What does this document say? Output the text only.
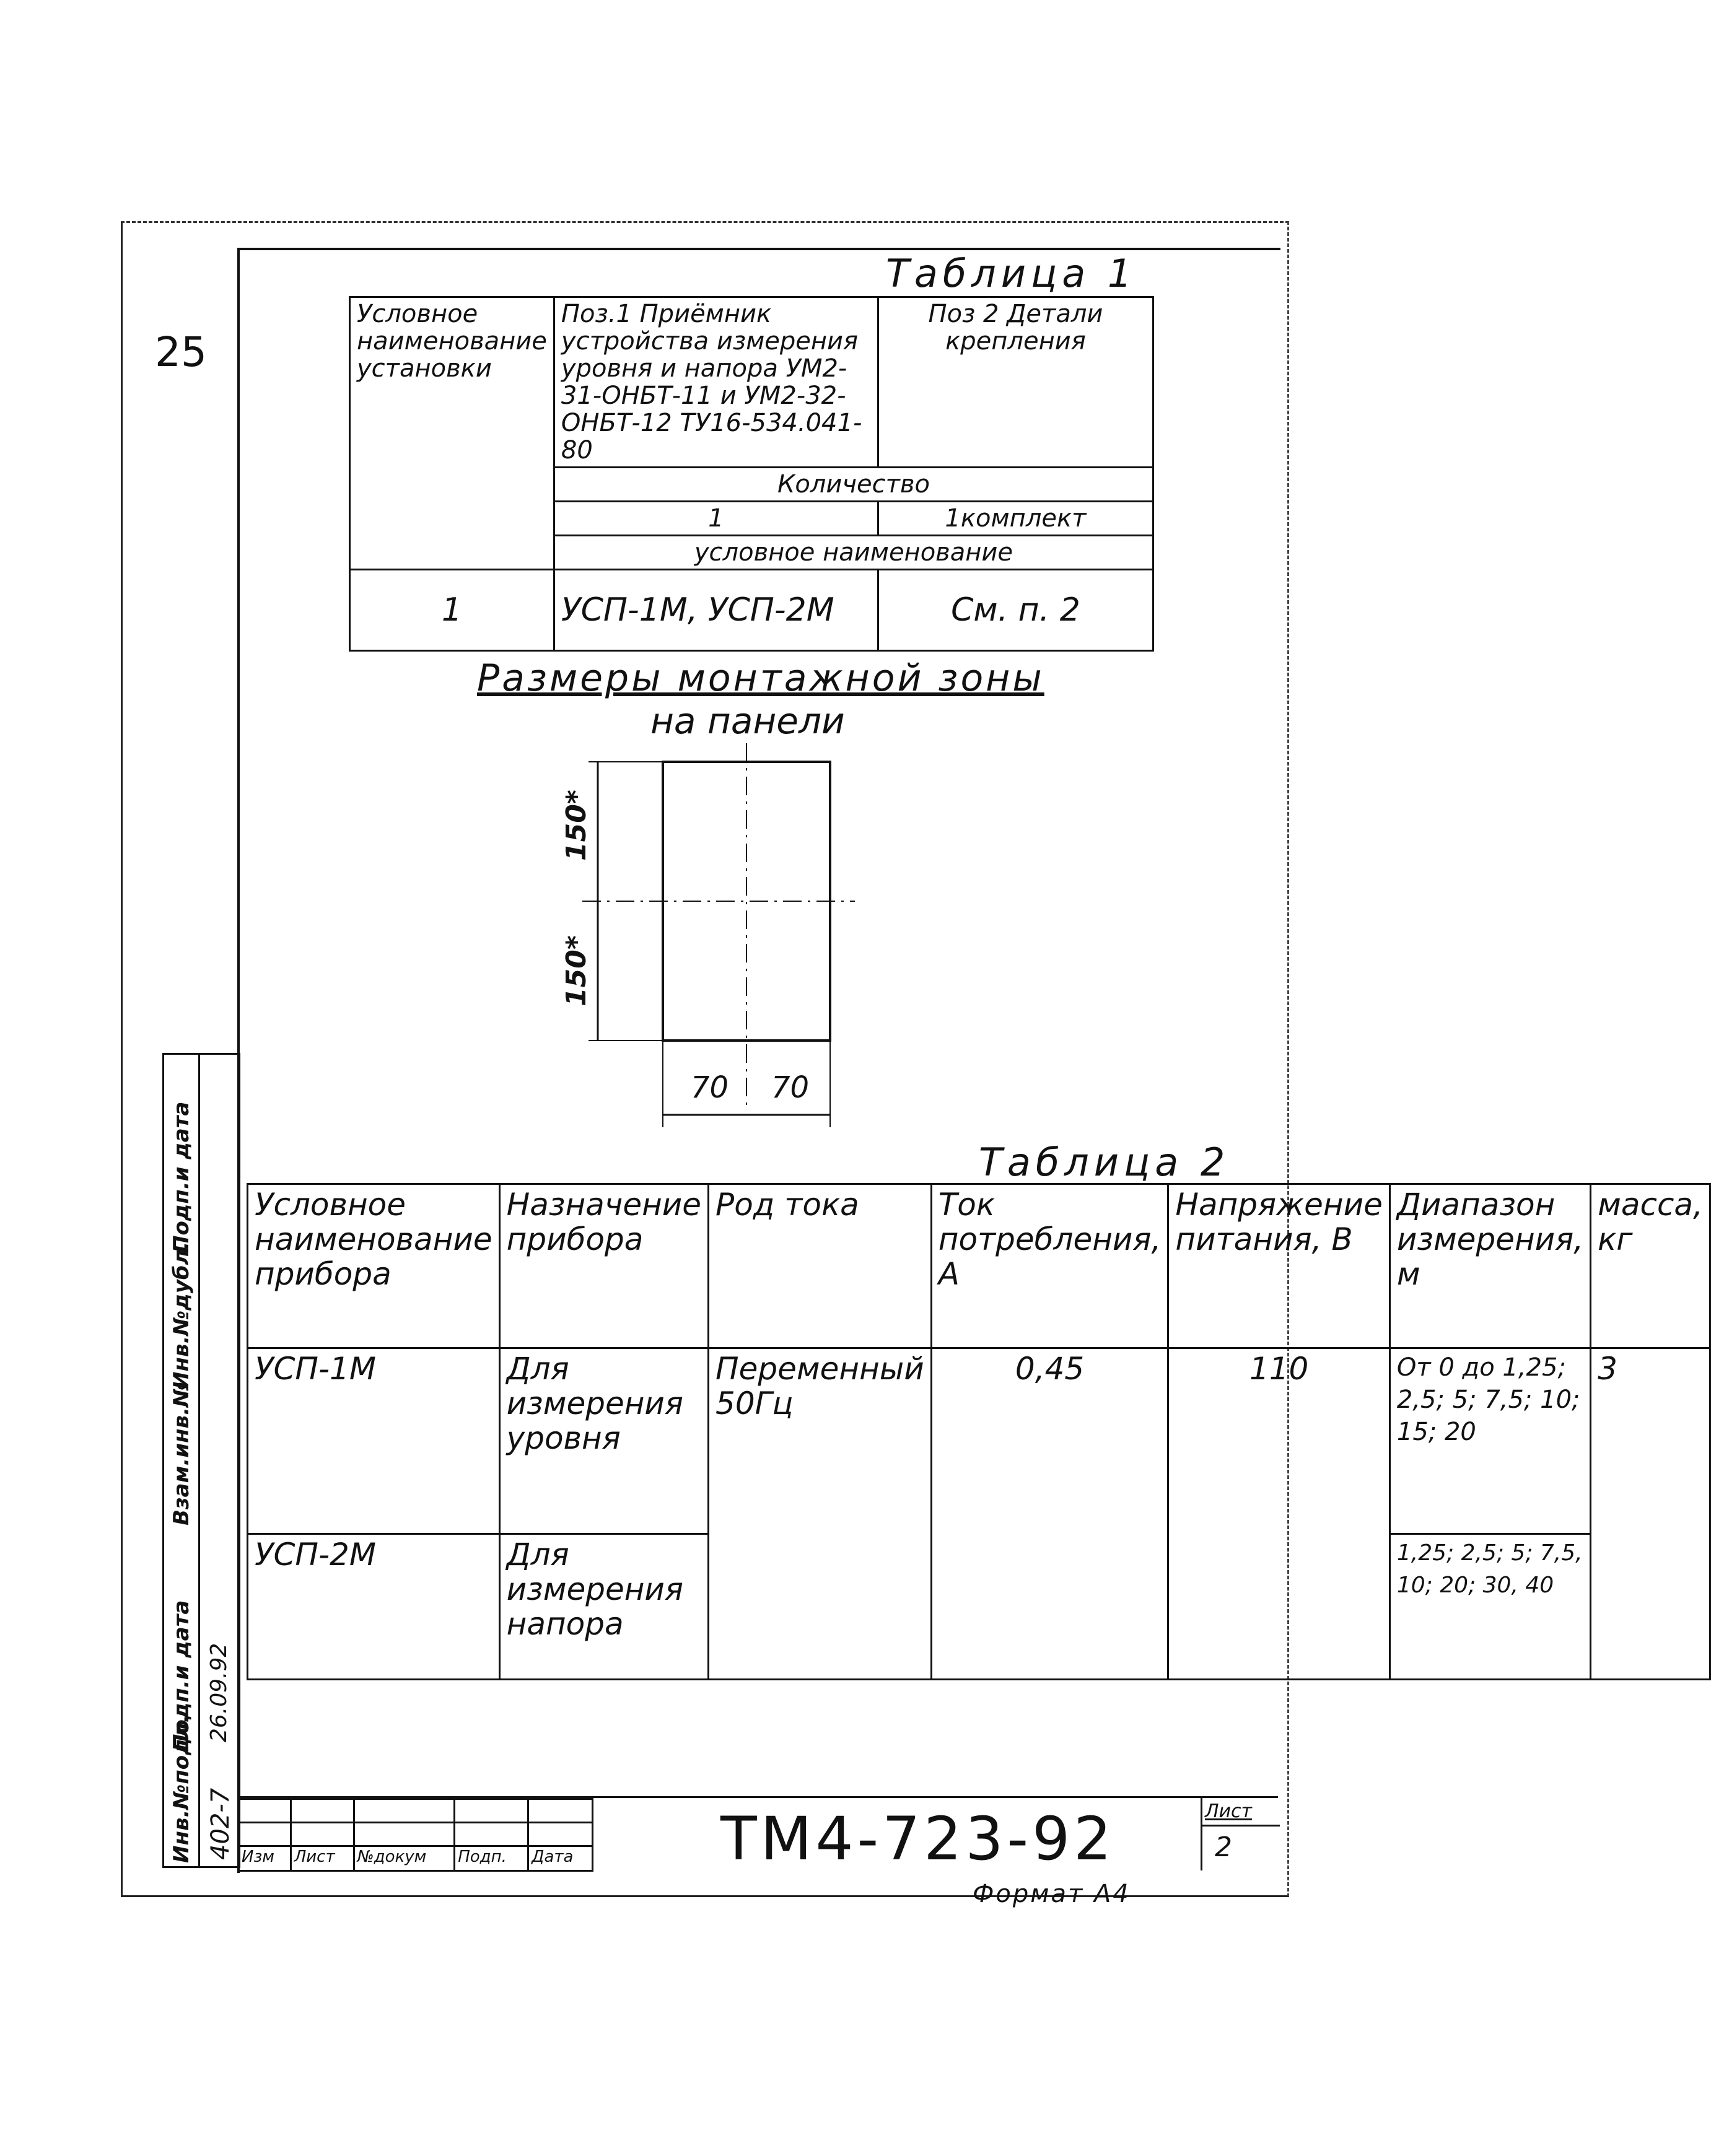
25
Таблица 1
Условное наименование установки	Поз.1 Приёмник устройства измерения уровня и напора УМ2-31-ОНБТ-11 и УМ2-32-ОНБТ-12 ТУ16-534.041-80	Поз 2 Детали крепления
	Количество	
	1	1комплект
	условное наименование	
1	УСП-1М, УСП-2М	См. п. 2
Размеры монтажной зоны
на панели
150*
150*
70 70
Таблица 2
Условное наименование прибора	Назначение прибора	Род тока	Ток потребления, А	Напряжение питания, В	Диапазон измерения, м	масса, кг
УСП-1М	Для измерения уровня	Переменный 50Гц	0,45	110	От 0 до 1,25; 2,5; 5; 7,5; 10; 15; 20	3
УСП-2М	Для измерения напора				1,25; 2,5; 5; 7,5, 10; 20; 30, 40	
Инв.№подл.
Подп.и дата
Взам.инв.№
Инв.№дубл.
Подп.и дата
402-7
26.09.92

Изм	Лист	№докум	Подп.	Дата ТМ4-723-92	Лист
2
Формат А4
